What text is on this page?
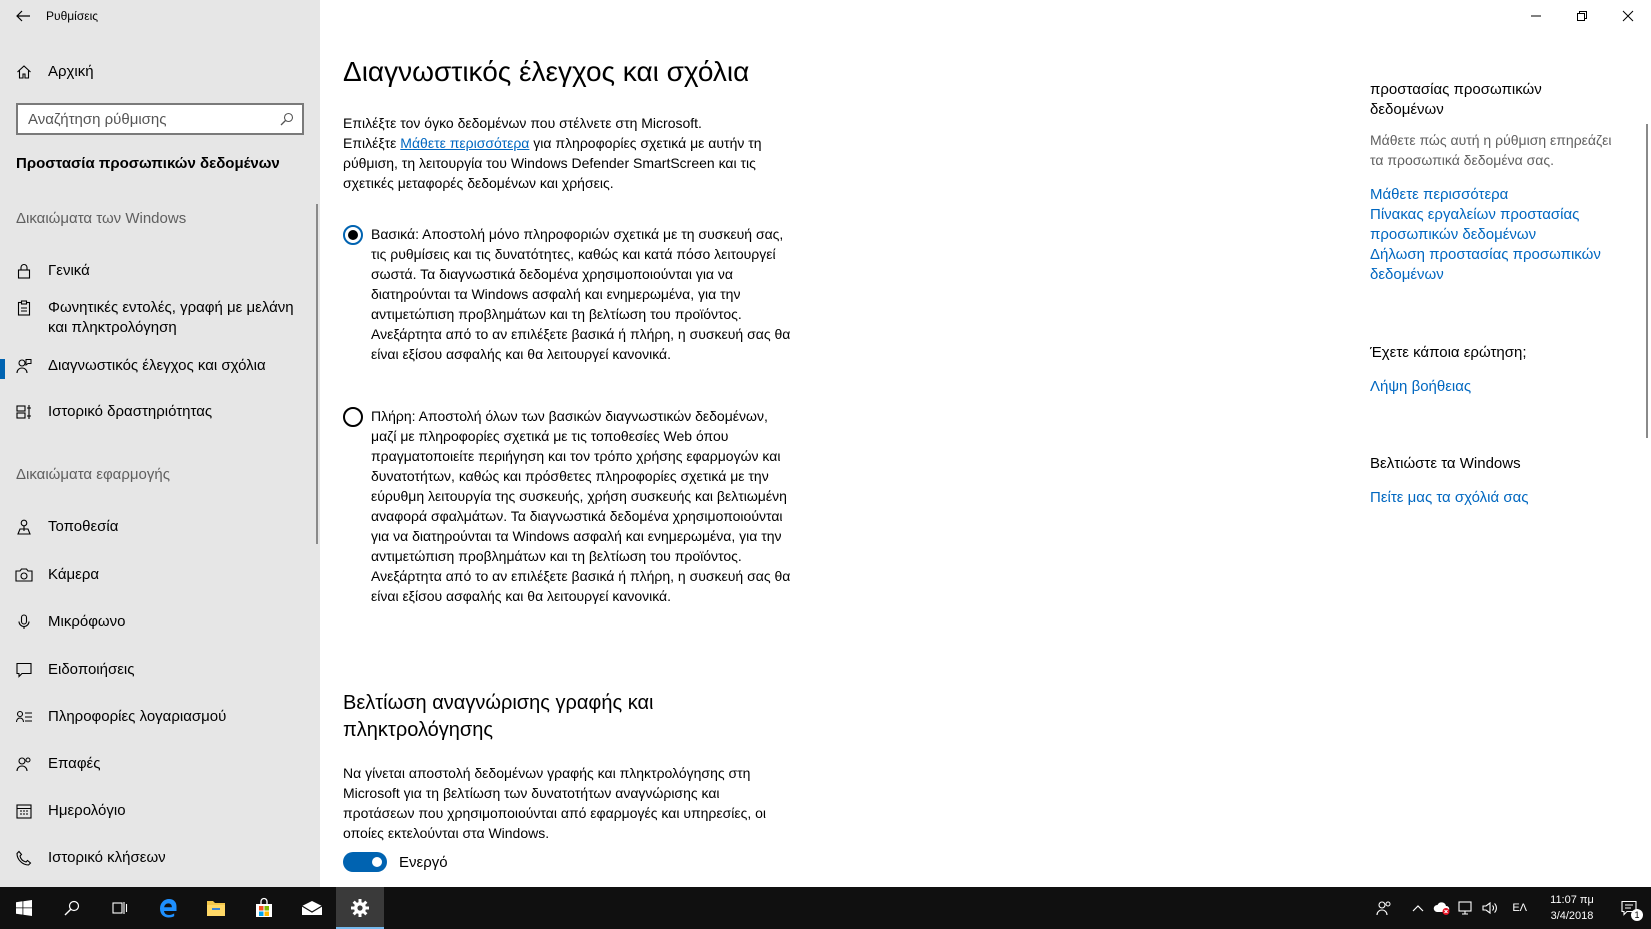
Ρυθμίσεις
Αρχική
Αναζήτηση ρύθμισης
Προστασία προσωπικών δεδομένων
Δικαιώματα των Windows
Γενικά
Φωνητικές εντολές, γραφή με μελάνη και πληκτρολόγηση
Διαγνωστικός έλεγχος και σχόλια
Ιστορικό δραστηριότητας
Δικαιώματα εφαρμογής
Τοποθεσία
Κάμερα
Μικρόφωνο
Ειδοποιήσεις
Πληροφορίες λογαριασμού
Επαφές
Ημερολόγιο
Ιστορικό κλήσεων
Διαγνωστικός έλεγχος και σχόλια
Επιλέξτε τον όγκο δεδομένων που στέλνετε στη Microsoft.
Επιλέξτε Μάθετε περισσότερα για πληροφορίες σχετικά με αυτήν τη ρύθμιση, τη λειτουργία του Windows Defender SmartScreen και τις σχετικές μεταφορές δεδομένων και χρήσεις.
Βασικά: Αποστολή μόνο πληροφοριών σχετικά με τη συσκευή σας, τις ρυθμίσεις και τις δυνατότητες, καθώς και κατά πόσο λειτουργεί σωστά. Τα διαγνωστικά δεδομένα χρησιμοποιούνται για να διατηρούνται τα Windows ασφαλή και ενημερωμένα, για την αντιμετώπιση προβλημάτων και τη βελτίωση του προϊόντος. Ανεξάρτητα από το αν επιλέξετε βασικά ή πλήρη, η συσκευή σας θα είναι εξίσου ασφαλής και θα λειτουργεί κανονικά.
Πλήρη: Αποστολή όλων των βασικών διαγνωστικών δεδομένων, μαζί με πληροφορίες σχετικά με τις τοποθεσίες Web όπου πραγματοποιείτε περιήγηση και τον τρόπο χρήσης εφαρμογών και δυνατοτήτων, καθώς και πρόσθετες πληροφορίες σχετικά με την εύρυθμη λειτουργία της συσκευής, χρήση συσκευής και βελτιωμένη αναφορά σφαλμάτων. Τα διαγνωστικά δεδομένα χρησιμοποιούνται για να διατηρούνται τα Windows ασφαλή και ενημερωμένα, για την αντιμετώπιση προβλημάτων και τη βελτίωση του προϊόντος. Ανεξάρτητα από το αν επιλέξετε βασικά ή πλήρη, η συσκευή σας θα είναι εξίσου ασφαλής και θα λειτουργεί κανονικά.
Βελτίωση αναγνώρισης γραφής και πληκτρολόγησης
Να γίνεται αποστολή δεδομένων γραφής και πληκτρολόγησης στη Microsoft για τη βελτίωση των δυνατοτήτων αναγνώρισης και προτάσεων που χρησιμοποιούνται από εφαρμογές και υπηρεσίες, οι οποίες εκτελούνται στα Windows.
Ενεργό
προστασίας προσωπικών
δεδομένων
Μάθετε πώς αυτή η ρύθμιση επηρεάζει τα προσωπικά δεδομένα σας.
Μάθετε περισσότερα
Πίνακας εργαλείων προστασίας προσωπικών δεδομένων
Δήλωση προστασίας προσωπικών δεδομένων
Έχετε κάποια ερώτηση;
Λήψη βοήθειας
Βελτιώστε τα Windows
Πείτε μας τα σχόλιά σας
ΕΛ
11:07 πμ
3/4/2018	1
